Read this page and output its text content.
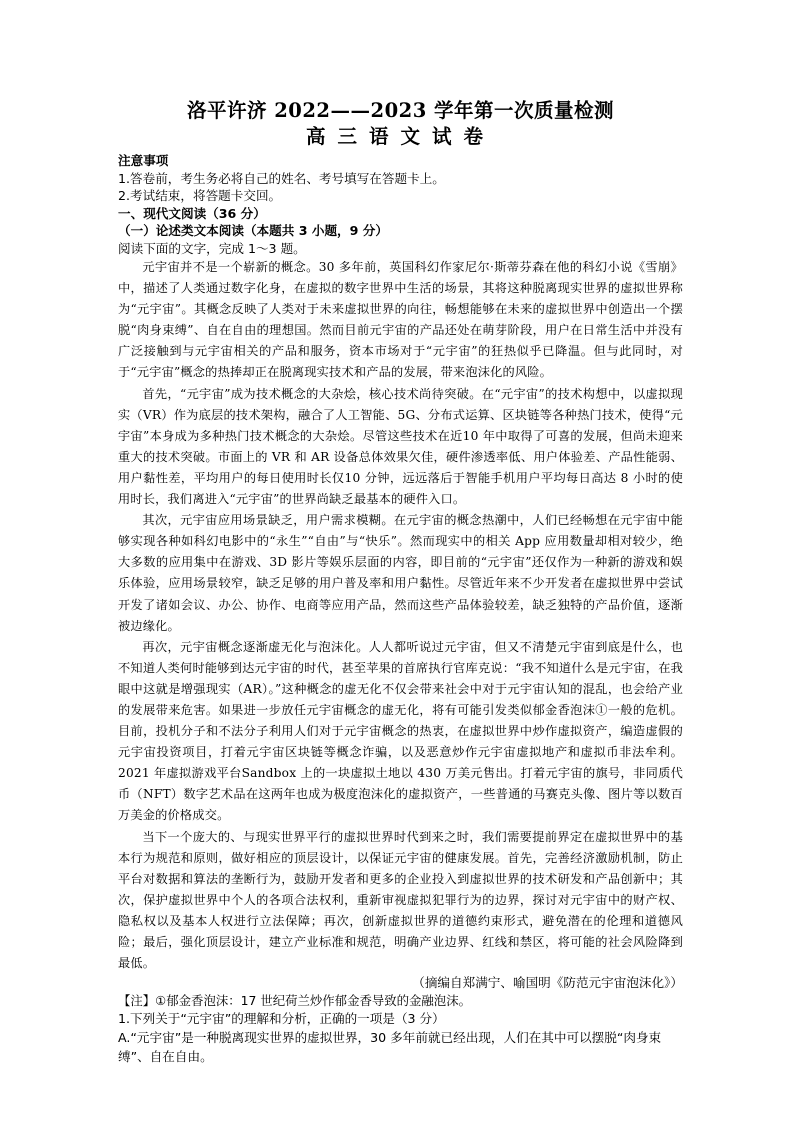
洛平许济 2022——2023 学年第一次质量检测
高三语文试卷
注意事项
1.答卷前，考生务必将自己的姓名、考号填写在答题卡上。
2.考试结束，将答题卡交回。
一、现代文阅读（36 分）
（一）论述类文本阅读（本题共 3 小题，9 分）
阅读下面的文字，完成 1～3 题。

元宇宙并不是一个崭新的概念。30 多年前，英国科幻作家尼尔·斯蒂芬森在他的科幻小说《雪崩》中，描述了人类通过数字化身，在虚拟的数字世界中生活的场景，其将这种脱离现实世界的虚拟世界称为“元宇宙”。其概念反映了人类对于未来虚拟世界的向往，畅想能够在未来的虚拟世界中创造出一个摆脱“肉身束缚”、自在自由的理想国。然而目前元宇宙的产品还处在萌芽阶段，用户在日常生活中并没有广泛接触到与元宇宙相关的产品和服务，资本市场对于“元宇宙”的狂热似乎已降温。但与此同时，对于“元宇宙”概念的热捧却正在脱离现实技术和产品的发展，带来泡沫化的风险。

首先，“元宇宙”成为技术概念的大杂烩，核心技术尚待突破。在“元宇宙”的技术构想中，以虚拟现实（VR）作为底层的技术架构，融合了人工智能、5G、分布式运算、区块链等各种热门技术，使得“元宇宙”本身成为多种热门技术概念的大杂烩。尽管这些技术在近10 年中取得了可喜的发展，但尚未迎来重大的技术突破。市面上的 VR 和 AR 设备总体效果欠佳，硬件渗透率低、用户体验差、产品性能弱、用户黏性差，平均用户的每日使用时长仅10 分钟，远远落后于智能手机用户平均每日高达 8 小时的使用时长，我们离进入“元宇宙”的世界尚缺乏最基本的硬件入口。

其次，元宇宙应用场景缺乏，用户需求模糊。在元宇宙的概念热潮中，人们已经畅想在元宇宙中能够实现各种如科幻电影中的“永生”“自由”与“快乐”。然而现实中的相关 App 应用数量却相对较少，绝大多数的应用集中在游戏、3D 影片等娱乐层面的内容，即目前的“元宇宙”还仅作为一种新的游戏和娱乐体验，应用场景较窄，缺乏足够的用户普及率和用户黏性。尽管近年来不少开发者在虚拟世界中尝试开发了诸如会议、办公、协作、电商等应用产品，然而这些产品体验较差，缺乏独特的产品价值，逐渐被边缘化。

再次，元宇宙概念逐渐虚无化与泡沫化。人人都听说过元宇宙，但又不清楚元宇宙到底是什么，也不知道人类何时能够到达元宇宙的时代，甚至苹果的首席执行官库克说：“我不知道什么是元宇宙，在我眼中这就是增强现实（AR）。”这种概念的虚无化不仅会带来社会中对于元宇宙认知的混乱，也会给产业的发展带来危害。如果进一步放任元宇宙概念的虚无化，将有可能引发类似郁金香泡沫①一般的危机。目前，投机分子和不法分子利用人们对于元宇宙概念的热衷，在虚拟世界中炒作虚拟资产，编造虚假的元宇宙投资项目，打着元宇宙区块链等概念诈骗，以及恶意炒作元宇宙虚拟地产和虚拟币非法牟利。2021 年虚拟游戏平台Sandbox 上的一块虚拟土地以 430 万美元售出。打着元宇宙的旗号，非同质代币（NFT）数字艺术品在这两年也成为极度泡沫化的虚拟资产，一些普通的马赛克头像、图片等以数百万美金的价格成交。

当下一个庞大的、与现实世界平行的虚拟世界时代到来之时，我们需要提前界定在虚拟世界中的基本行为规范和原则，做好相应的顶层设计，以保证元宇宙的健康发展。首先，完善经济激励机制，防止平台对数据和算法的垄断行为，鼓励开发者和更多的企业投入到虚拟世界的技术研发和产品创新中；其次，保护虚拟世界中个人的各项合法权利，重新审视虚拟犯罪行为的边界，探讨对元宇宙中的财产权、隐私权以及基本人权进行立法保障；再次，创新虚拟世界的道德约束形式，避免潜在的伦理和道德风险；最后，强化顶层设计，建立产业标准和规范，明确产业边界、红线和禁区，将可能的社会风险降到最低。

（摘编自郑满宁、喻国明《防范元宇宙泡沫化》）
【注】①郁金香泡沫：17 世纪荷兰炒作郁金香导致的金融泡沫。
1.下列关于“元宇宙”的理解和分析，正确的一项是（3 分）
A.“元宇宙”是一种脱离现实世界的虚拟世界，30 多年前就已经出现，人们在其中可以摆脱“肉身束缚”、自在自由。
